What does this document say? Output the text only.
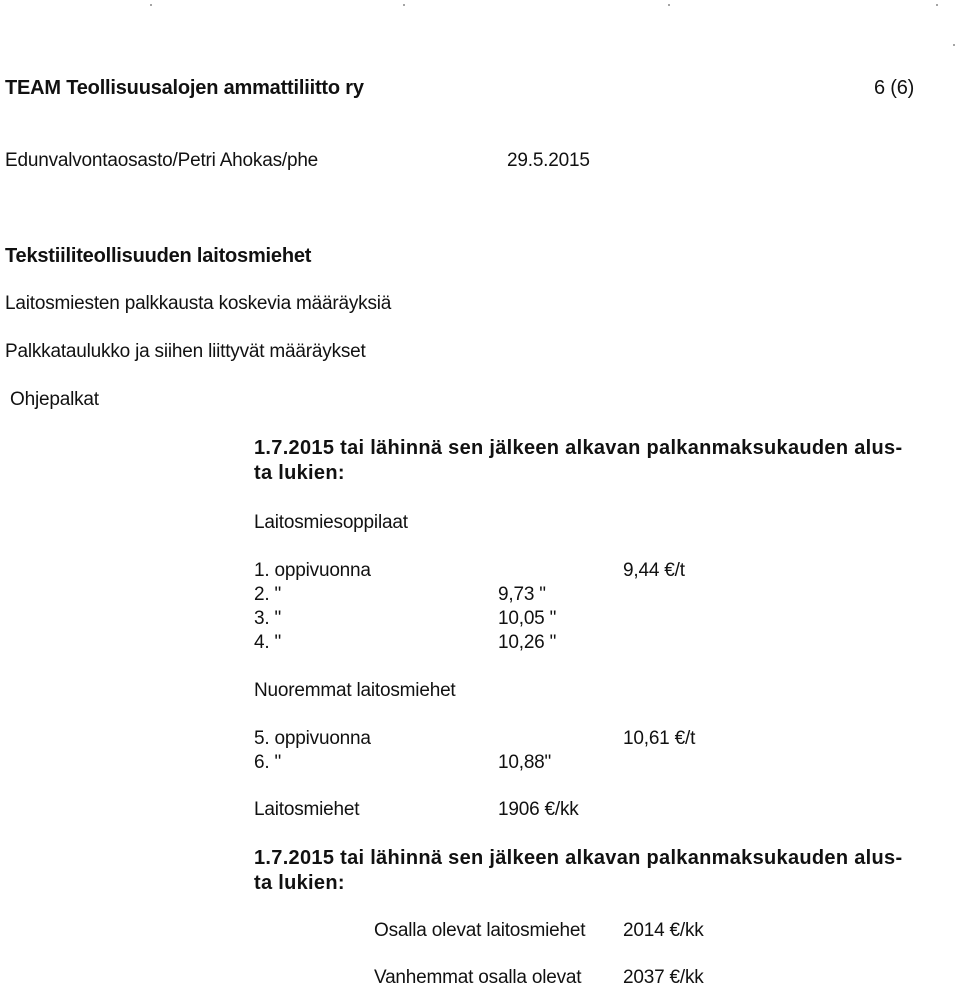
TEAM Teollisuusalojen ammattiliitto ry	6 (6)
Edunvalvontaosasto/Petri Ahokas/phe	29.5.2015
Tekstiiliteollisuuden laitosmiehet
Laitosmiesten palkkausta koskevia määräyksiä
Palkkataulukko ja siihen liittyvät määräykset
Ohjepalkat
1.7.2015 tai lähinnä sen jälkeen alkavan palkanmaksukauden alus-
ta lukien:
Laitosmiesoppilaat
1. oppivuonna	9,44 €/t
2. "	9,73 "
3. "	10,05 "
4. "	10,26 "
Nuoremmat laitosmiehet
5. oppivuonna	10,61 €/t
6. "	10,88"
Laitosmiehet	1906 €/kk
1.7.2015 tai lähinnä sen jälkeen alkavan palkanmaksukauden alus-
ta lukien:
Osalla olevat laitosmiehet 2014 €/kk
Vanhemmat osalla olevat 2037 €/kk
